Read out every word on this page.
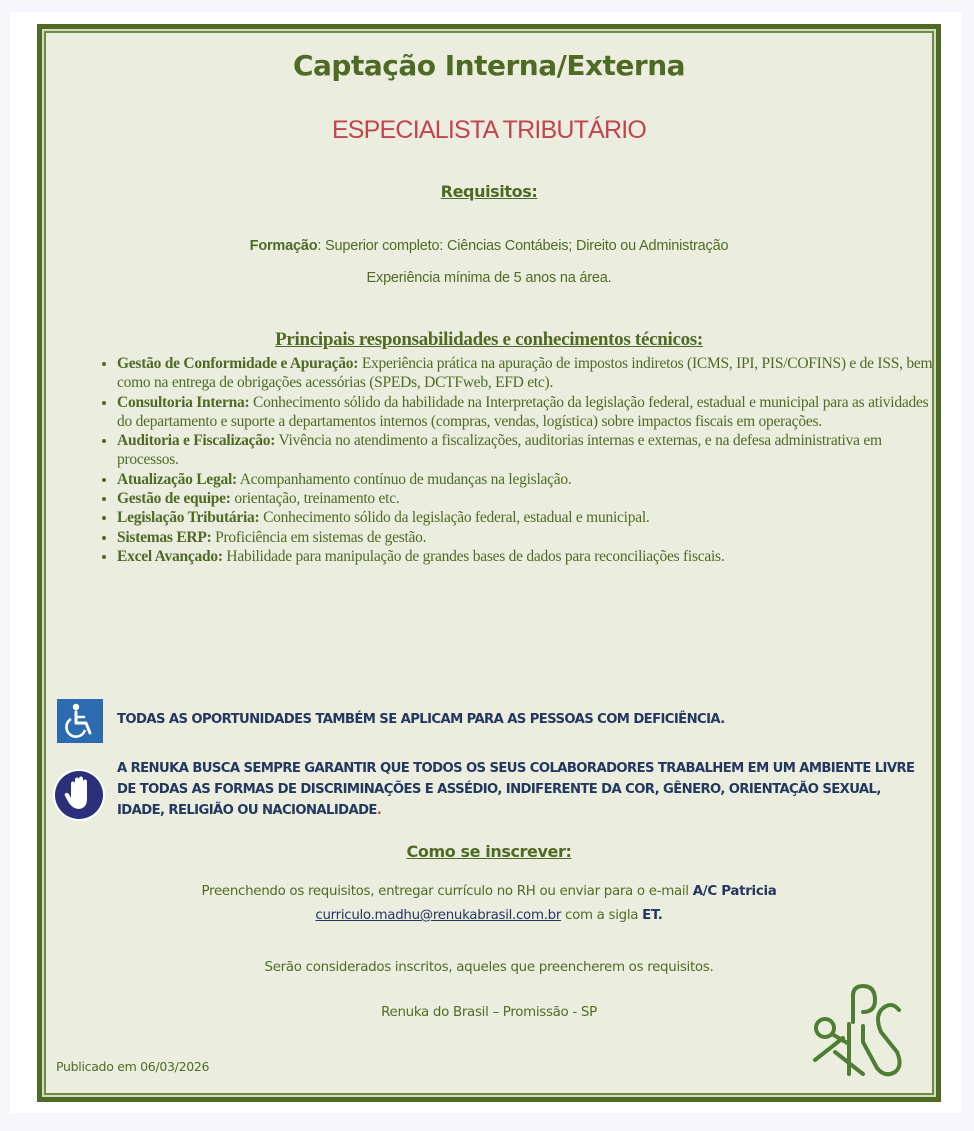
Captação Interna/Externa
ESPECIALISTA TRIBUTÁRIO
Requisitos:
Formação: Superior completo: Ciências Contábeis; Direito ou Administração
Experiência mínima de 5 anos na área.
Principais responsabilidades e conhecimentos técnicos:
• Gestão de Conformidade e Apuração: Experiência prática na apuração de impostos indiretos (ICMS, IPI, PIS/COFINS) e de ISS, bem como na entrega de obrigações acessórias (SPEDs, DCTFweb, EFD etc).
• Consultoria Interna: Conhecimento sólido da habilidade na Interpretação da legislação federal, estadual e municipal para as atividades do departamento e suporte a departamentos internos (compras, vendas, logística) sobre impactos fiscais em operações.
• Auditoria e Fiscalização: Vivência no atendimento a fiscalizações, auditorias internas e externas, e na defesa administrativa em processos.
• Atualização Legal: Acompanhamento contínuo de mudanças na legislação.
• Gestão de equipe: orientação, treinamento etc.
• Legislação Tributária: Conhecimento sólido da legislação federal, estadual e municipal.
• Sistemas ERP: Proficiência em sistemas de gestão.
• Excel Avançado: Habilidade para manipulação de grandes bases de dados para reconciliações fiscais.
TODAS AS OPORTUNIDADES TAMBÉM SE APLICAM PARA AS PESSOAS COM DEFICIÊNCIA.
A RENUKA BUSCA SEMPRE GARANTIR QUE TODOS OS SEUS COLABORADORES TRABALHEM EM UM AMBIENTE LIVRE DE TODAS AS FORMAS DE DISCRIMINAÇÕES E ASSÉDIO, INDIFERENTE DA COR, GÊNERO, ORIENTAÇÃO SEXUAL, IDADE, RELIGIÃO OU NACIONALIDADE.
Como se inscrever:
Preenchendo os requisitos, entregar currículo no RH ou enviar para o e-mail A/C Patricia
curriculo.madhu@renukabrasil.com.br com a sigla ET.
Serão considerados inscritos, aqueles que preencherem os requisitos.
Renuka do Brasil – Promissão - SP
Publicado em 06/03/2026
